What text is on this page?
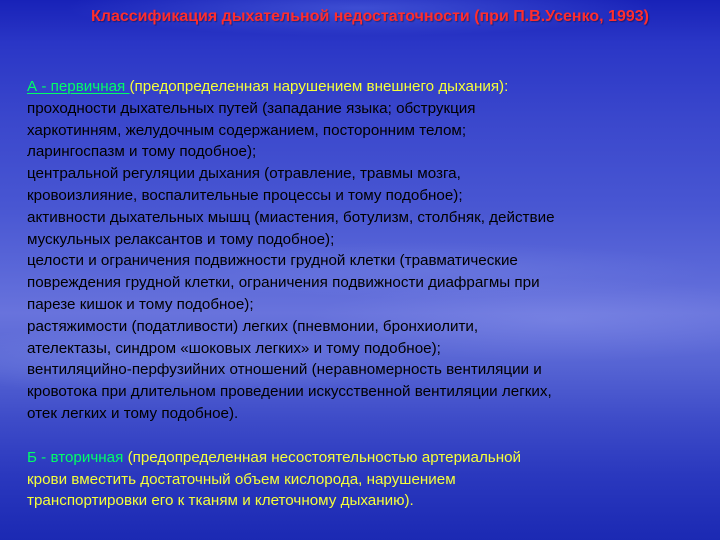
Классификация дыхательной недостаточности (при П.В.Усенко, 1993)

А - первичная (предопределенная нарушением внешнего дыхания):

проходности дыхательных путей (западание языка; обструкция

харкотинням, желудочным содержанием, посторонним телом;

ларингоспазм и тому подобное);

центральной регуляции дыхания (отравление, травмы мозга,

кровоизлияние, воспалительные процессы и тому подобное);

активности дыхательных мышц (миастения, ботулизм, столбняк, действие

мускульных релаксантов и тому подобное);

целости и ограничения подвижности грудной клетки (травматические

повреждения грудной клетки, ограничения подвижности диафрагмы при

парезе кишок и тому подобное);

растяжимости (податливости) легких (пневмонии, бронхиолити,

ателектазы, синдром «шоковых легких» и тому подобное);

вентиляцийно-перфузийних отношений (неравномерность вентиляции и

кровотока при длительном проведении искусственной вентиляции легких,

отек легких и тому подобное).

Б - вторичная (предопределенная несостоятельностью артериальной

крови вместить достаточный объем кислорода, нарушением

транспортировки его к тканям и клеточному дыханию).
